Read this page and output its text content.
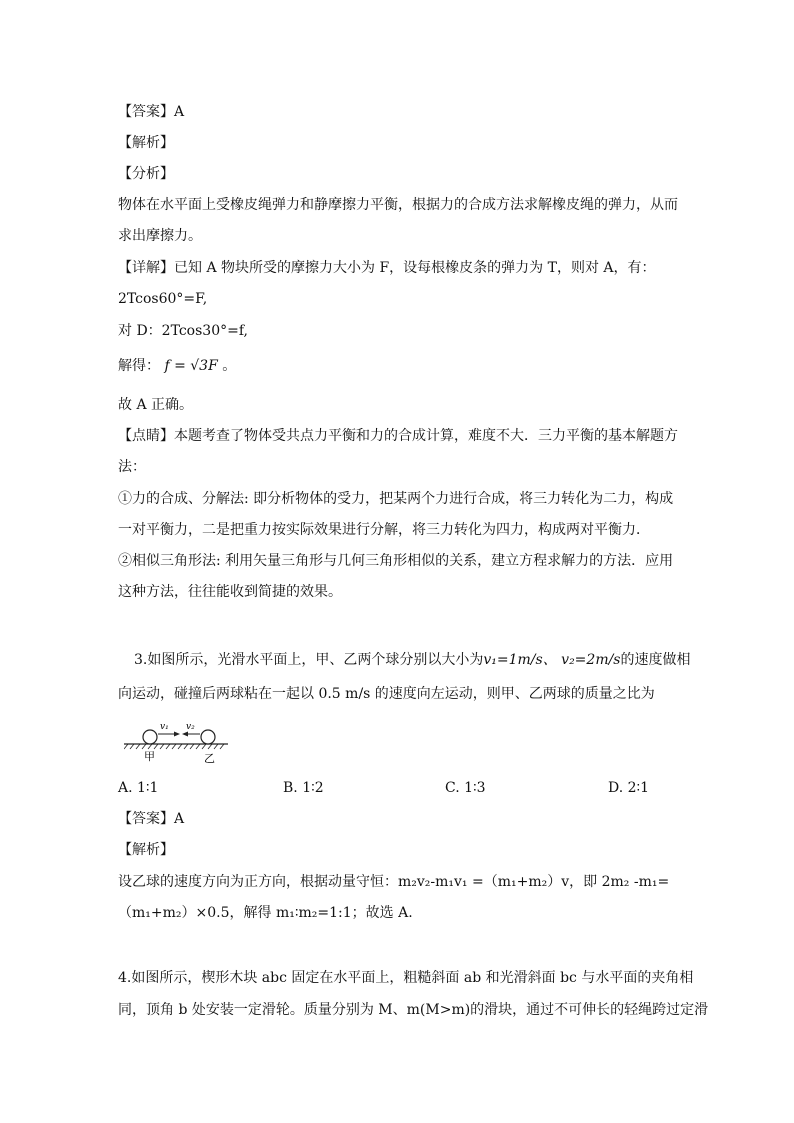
【答案】A
【解析】
【分析】
物体在水平面上受橡皮绳弹力和静摩擦力平衡，根据力的合成方法求解橡皮绳的弹力，从而
求出摩擦力。
【详解】已知 A 物块所受的摩擦力大小为 F，设每根橡皮条的弹力为 T，则对 A，有：
2Tcos60°=F,
对 D：2Tcos30°=f,
解得： f = √3F 。
故 A 正确。
【点睛】本题考查了物体受共点力平衡和力的合成计算，难度不大．三力平衡的基本解题方
法：
①力的合成、分解法: 即分析物体的受力，把某两个力进行合成，将三力转化为二力，构成
一对平衡力，二是把重力按实际效果进行分解，将三力转化为四力，构成两对平衡力．
②相似三角形法: 利用矢量三角形与几何三角形相似的关系，建立方程求解力的方法．应用
这种方法，往往能收到简捷的效果。
3.如图所示，光滑水平面上，甲、乙两个球分别以大小为v₁=1m/s、 v₂=2m/s的速度做相
向运动，碰撞后两球粘在一起以 0.5 m/s 的速度向左运动，则甲、乙两球的质量之比为
v₁ v₂
甲	乙
A. 1∶1	B. 1∶2	C. 1∶3	D. 2∶1
【答案】A
【解析】
设乙球的速度方向为正方向，根据动量守恒：m₂v₂-m₁v₁ =（m₁+m₂）v，即 2m₂ -m₁=
（m₁+m₂）×0.5，解得 m₁∶m₂=1:1；故选 A.
4.如图所示，楔形木块 abc 固定在水平面上，粗糙斜面 ab 和光滑斜面 bc 与水平面的夹角相
同，顶角 b 处安装一定滑轮。质量分别为 M、m(M>m)的滑块，通过不可伸长的轻绳跨过定滑
